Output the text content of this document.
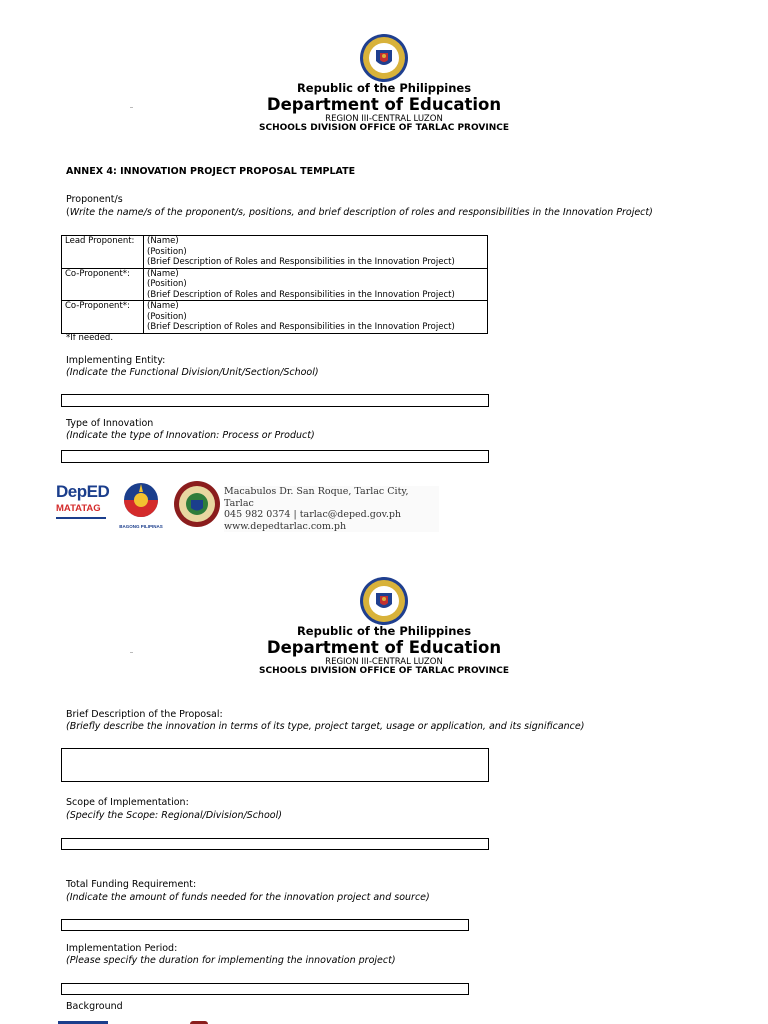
Republic of the Philippines
Department of Education
REGION III-CENTRAL LUZON
SCHOOLS DIVISION OFFICE OF TARLAC PROVINCE
ANNEX 4: INNOVATION PROJECT PROPOSAL TEMPLATE
Proponent/s
(Write the name/s of the proponent/s, positions, and brief description of roles and responsibilities in the Innovation Project)
Lead Proponent:	(Name)
(Position)
(Brief Description of Roles and Responsibilities in the Innovation Project)

Co-Proponent*:	(Name)
(Position)
(Brief Description of Roles and Responsibilities in the Innovation Project)

Co-Proponent*:	(Name)
(Position)
(Brief Description of Roles and Responsibilities in the Innovation Project)
*If needed.
Implementing Entity:
(Indicate the Functional Division/Unit/Section/School)
Type of Innovation
(Indicate the type of Innovation: Process or Product)
DepED
MATATAG
BAGONG PILIPINAS
Macabulos Dr. San Roque, Tarlac City, Tarlac
045 982 0374 | tarlac@deped.gov.ph
www.depedtarlac.com.ph
Republic of the Philippines
Department of Education
REGION III-CENTRAL LUZON
SCHOOLS DIVISION OFFICE OF TARLAC PROVINCE
Brief Description of the Proposal:
(Briefly describe the innovation in terms of its type, project target, usage or application, and its significance)
Scope of Implementation:
(Specify the Scope: Regional/Division/School)
Total Funding Requirement:
(Indicate the amount of funds needed for the innovation project and source)
Implementation Period:
(Please specify the duration for implementing the innovation project)
Background
